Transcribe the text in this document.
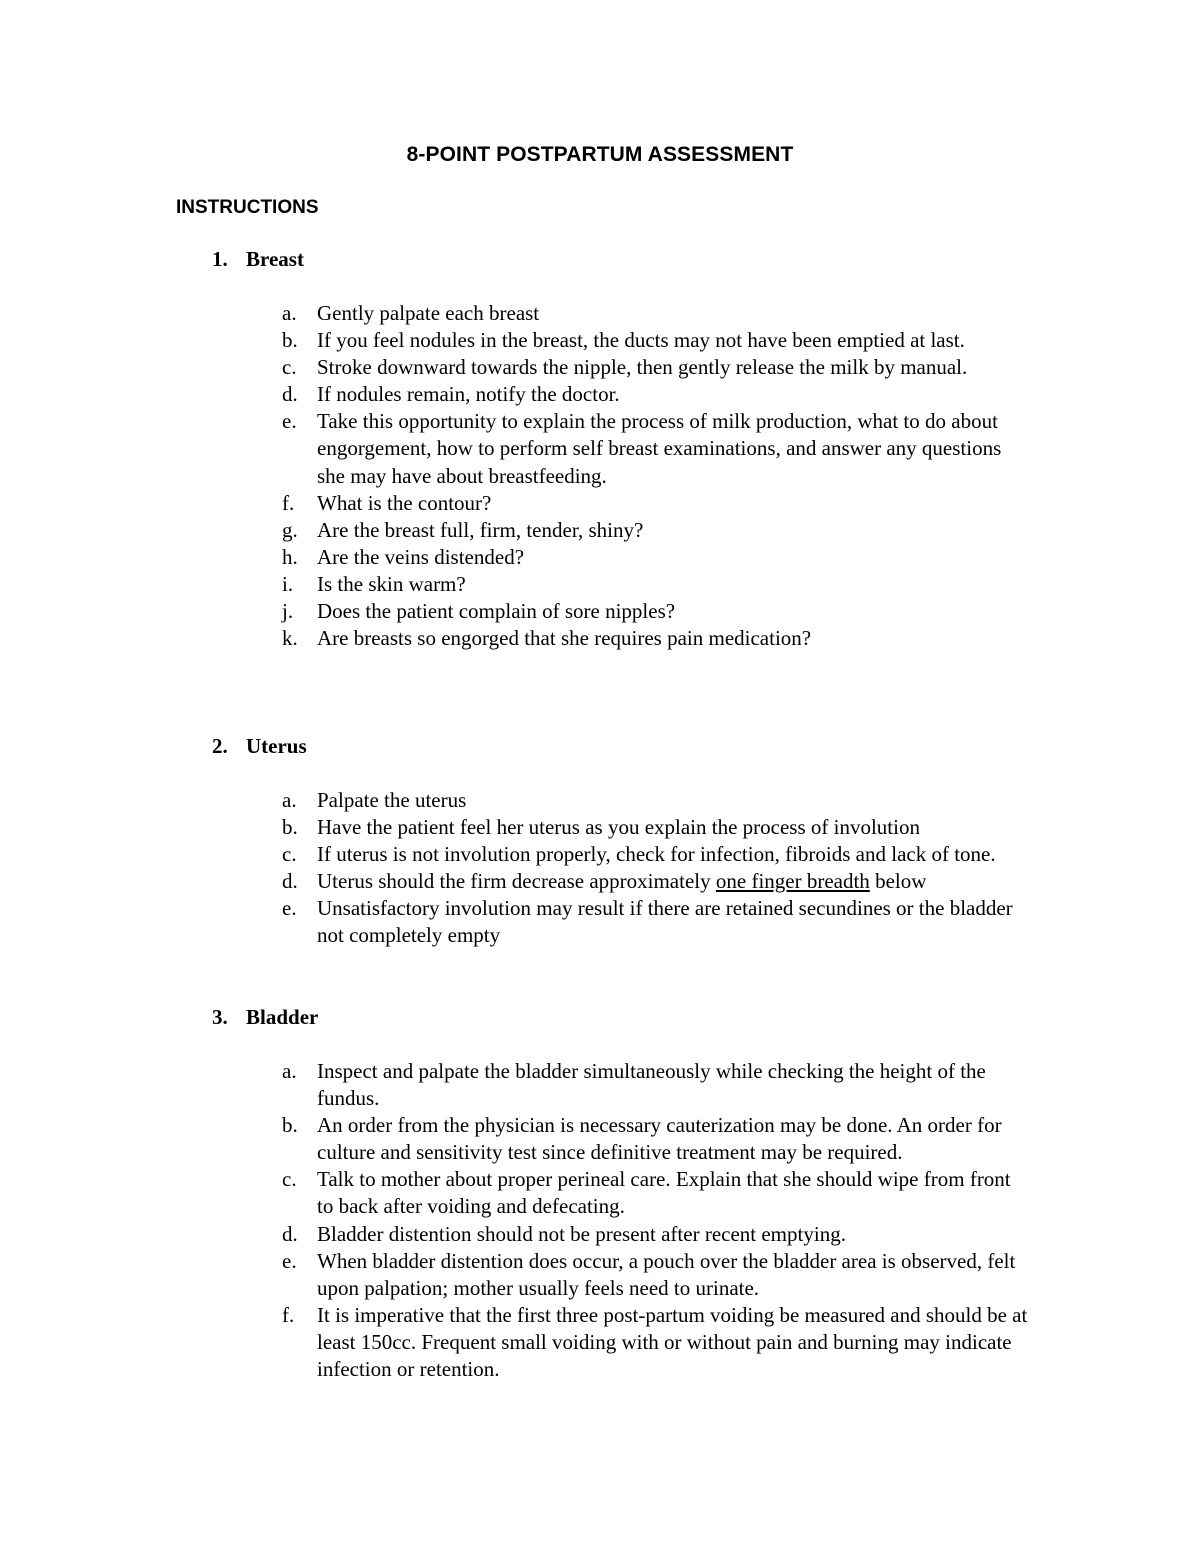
8-POINT POSTPARTUM ASSESSMENT
INSTRUCTIONS
1. Breast
a. Gently palpate each breast
b. If you feel nodules in the breast, the ducts may not have been emptied at last.
c. Stroke downward towards the nipple, then gently release the milk by manual.
d. If nodules remain, notify the doctor.
e. Take this opportunity to explain the process of milk production, what to do about engorgement, how to perform self breast examinations, and answer any questions she may have about breastfeeding.
f.	What is the contour?
g. Are the breast full, firm, tender, shiny?
h. Are the veins distended?
i.	Is the skin warm?
j.	Does the patient complain of sore nipples?
k. Are breasts so engorged that she requires pain medication?
2. Uterus
a. Palpate the uterus
b. Have the patient feel her uterus as you explain the process of involution
c. If uterus is not involution properly, check for infection, fibroids and lack of tone.
d. Uterus should the firm decrease approximately one finger breadth below
e. Unsatisfactory involution may result if there are retained secundines or the bladder not completely empty
3. Bladder
a. Inspect and palpate the bladder simultaneously while checking the height of the fundus.
b. An order from the physician is necessary cauterization may be done. An order for culture and sensitivity test since definitive treatment may be required.
c. Talk to mother about proper perineal care. Explain that she should wipe from front to back after voiding and defecating.
d. Bladder distention should not be present after recent emptying.
e. When bladder distention does occur, a pouch over the bladder area is observed, felt upon palpation; mother usually feels need to urinate.
f.	It is imperative that the first three post-partum voiding be measured and should be at least 150cc. Frequent small voiding with or without pain and burning may indicate infection or retention.
